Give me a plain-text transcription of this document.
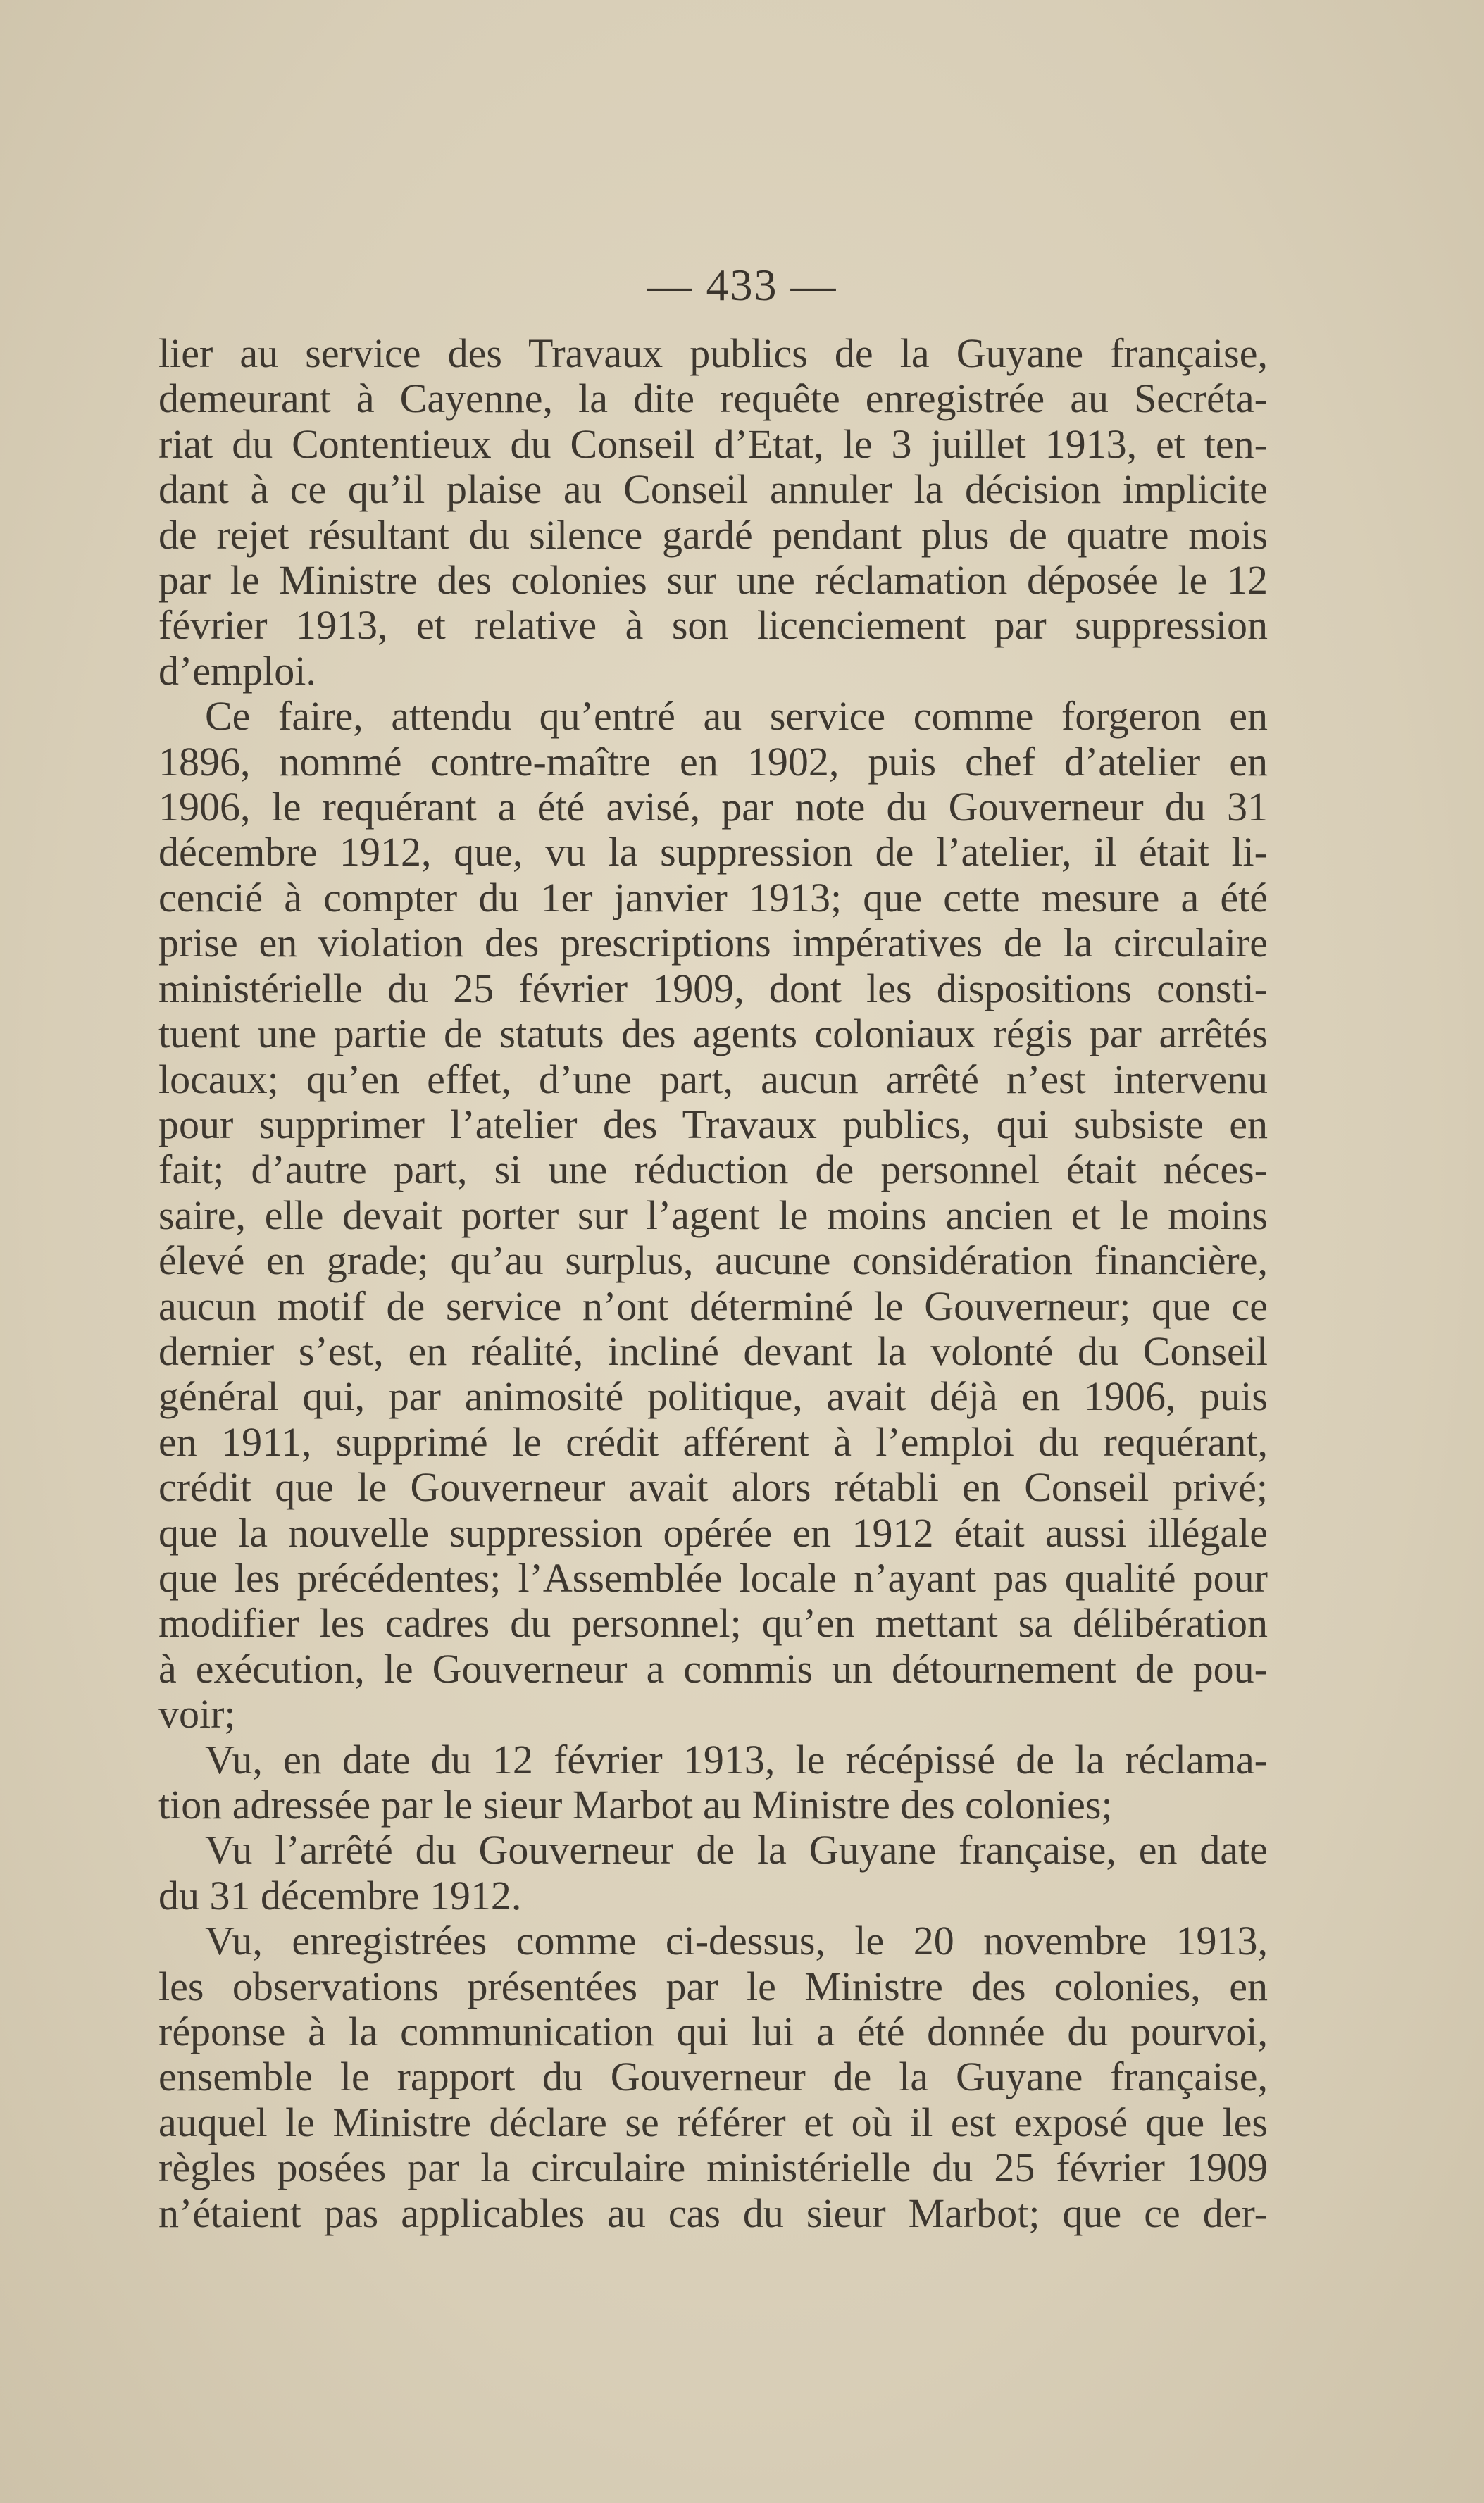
— 433 —

lier au service des Travaux publics de la Guyane française,

demeurant à Cayenne, la dite requête enregistrée au Secréta-

riat du Contentieux du Conseil d’Etat, le 3 juillet 1913, et ten-

dant à ce qu’il plaise au Conseil annuler la décision implicite

de rejet résultant du silence gardé pendant plus de quatre mois

par le Ministre des colonies sur une réclamation déposée le 12

février 1913, et relative à son licenciement par suppression

d’emploi.

Ce faire, attendu qu’entré au service comme forgeron en

1896, nommé contre-maître en 1902, puis chef d’atelier en

1906, le requérant a été avisé, par note du Gouverneur du 31

décembre 1912, que, vu la suppression de l’atelier, il était li-

cencié à compter du 1er janvier 1913; que cette mesure a été

prise en violation des prescriptions impératives de la circulaire

ministérielle du 25 février 1909, dont les dispositions consti-

tuent une partie de statuts des agents coloniaux régis par arrêtés

locaux; qu’en effet, d’une part, aucun arrêté n’est intervenu

pour supprimer l’atelier des Travaux publics, qui subsiste en

fait; d’autre part, si une réduction de personnel était néces-

saire, elle devait porter sur l’agent le moins ancien et le moins

élevé en grade; qu’au surplus, aucune considération financière,

aucun motif de service n’ont déterminé le Gouverneur; que ce

dernier s’est, en réalité, incliné devant la volonté du Conseil

général qui, par animosité politique, avait déjà en 1906, puis

en 1911, supprimé le crédit afférent à l’emploi du requérant,

crédit que le Gouverneur avait alors rétabli en Conseil privé;

que la nouvelle suppression opérée en 1912 était aussi illégale

que les précédentes; l’Assemblée locale n’ayant pas qualité pour

modifier les cadres du personnel; qu’en mettant sa délibération

à exécution, le Gouverneur a commis un détournement de pou-

voir;

Vu, en date du 12 février 1913, le récépissé de la réclama-

tion adressée par le sieur Marbot au Ministre des colonies;

Vu l’arrêté du Gouverneur de la Guyane française, en date

du 31 décembre 1912.

Vu, enregistrées comme ci-dessus, le 20 novembre 1913,

les observations présentées par le Ministre des colonies, en

réponse à la communication qui lui a été donnée du pourvoi,

ensemble le rapport du Gouverneur de la Guyane française,

auquel le Ministre déclare se référer et où il est exposé que les

règles posées par la circulaire ministérielle du 25 février 1909

n’étaient pas applicables au cas du sieur Marbot; que ce der-
